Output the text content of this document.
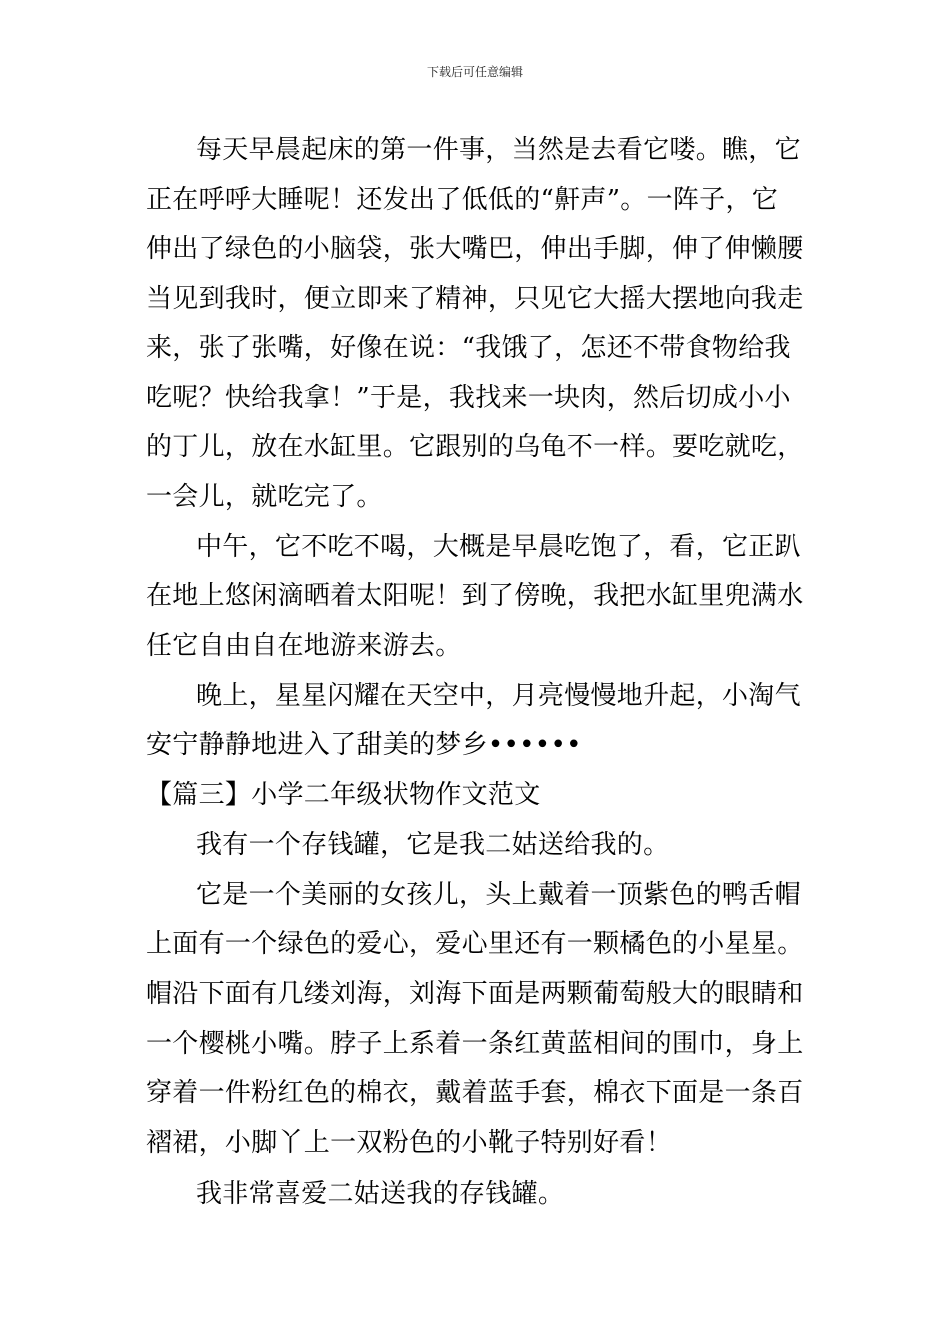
下载后可任意编辑
每天早晨起床的第一件事，当然是去看它喽。瞧，它
正在呼呼大睡呢！还发出了低低的“鼾声”。一阵子，它
伸出了绿色的小脑袋，张大嘴巴，伸出手脚，伸了伸懒腰
当见到我时，便立即来了精神，只见它大摇大摆地向我走
来，张了张嘴，好像在说：“我饿了，怎还不带食物给我
吃呢？快给我拿！”于是，我找来一块肉，然后切成小小
的丁儿，放在水缸里。它跟别的乌龟不一样。要吃就吃，
一会儿，就吃完了。
中午，它不吃不喝，大概是早晨吃饱了，看，它正趴
在地上悠闲滴晒着太阳呢！到了傍晚，我把水缸里兜满水
任它自由自在地游来游去。
晚上，星星闪耀在天空中，月亮慢慢地升起，小淘气
安宁静静地进入了甜美的梦乡••••••
【篇三】小学二年级状物作文范文
我有一个存钱罐，它是我二姑送给我的。
它是一个美丽的女孩儿，头上戴着一顶紫色的鸭舌帽
上面有一个绿色的爱心，爱心里还有一颗橘色的小星星。
帽沿下面有几缕刘海，刘海下面是两颗葡萄般大的眼睛和
一个樱桃小嘴。脖子上系着一条红黄蓝相间的围巾，身上
穿着一件粉红色的棉衣，戴着蓝手套，棉衣下面是一条百
褶裙，小脚丫上一双粉色的小靴子特别好看！
我非常喜爱二姑送我的存钱罐。
